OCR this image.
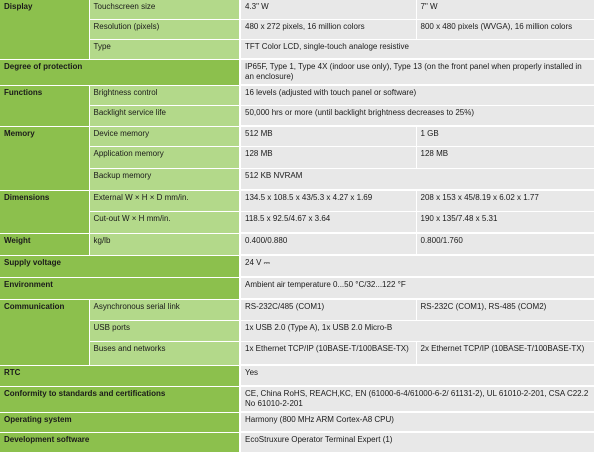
Display	Touchscreen size	4.3" W	7" W
	Resolution (pixels)	480 x 272 pixels, 16 million colors	800 x 480 pixels (WVGA), 16 million colors
	Type	TFT Color LCD, single-touch analoge resistive	
Degree of protection		IP65F, Type 1, Type 4X (indoor use only), Type 13 (on the front panel when properly installed in an enclosure)	
Functions	Brightness control	16 levels (adjusted with touch panel or software)	
	Backlight service life	50,000 hrs or more (until backlight brightness decreases to 25%)	
Memory	Device memory	512 MB	1 GB
	Application memory	128 MB	128 MB
	Backup memory	512 KB NVRAM	
Dimensions	External W × H × D mm/in.	134.5 x 108.5 x 43/5.3 x 4.27 x 1.69	208 x 153 x 45/8.19 x 6.02 x 1.77
	Cut-out W × H mm/in.	118.5 x 92.5/4.67 x 3.64	190 x 135/7.48 x 5.31
Weight	kg/lb	0.400/0.880	0.800/1.760
Supply voltage		24 V ⎓	
Environment		Ambient air temperature 0...50 °C/32...122 °F	
Communication	Asynchronous serial link	RS-232C/485 (COM1)	RS-232C (COM1), RS-485 (COM2)
	USB ports	1x USB 2.0 (Type A), 1x USB 2.0 Micro-B	
	Buses and networks	1x Ethernet TCP/IP (10BASE-T/100BASE-TX)	2x Ethernet TCP/IP (10BASE-T/100BASE-TX)
RTC		Yes	
Conformity to standards and certifications		CE, China RoHS, REACH,KC, EN (61000-6-4/61000-6-2/ 61131-2), UL 61010-2-201, CSA C22.2 No 61010-2-201	
Operating system		Harmony (800 MHz ARM Cortex-A8 CPU)	
Development software		EcoStruxure Operator Terminal Expert (1)	
